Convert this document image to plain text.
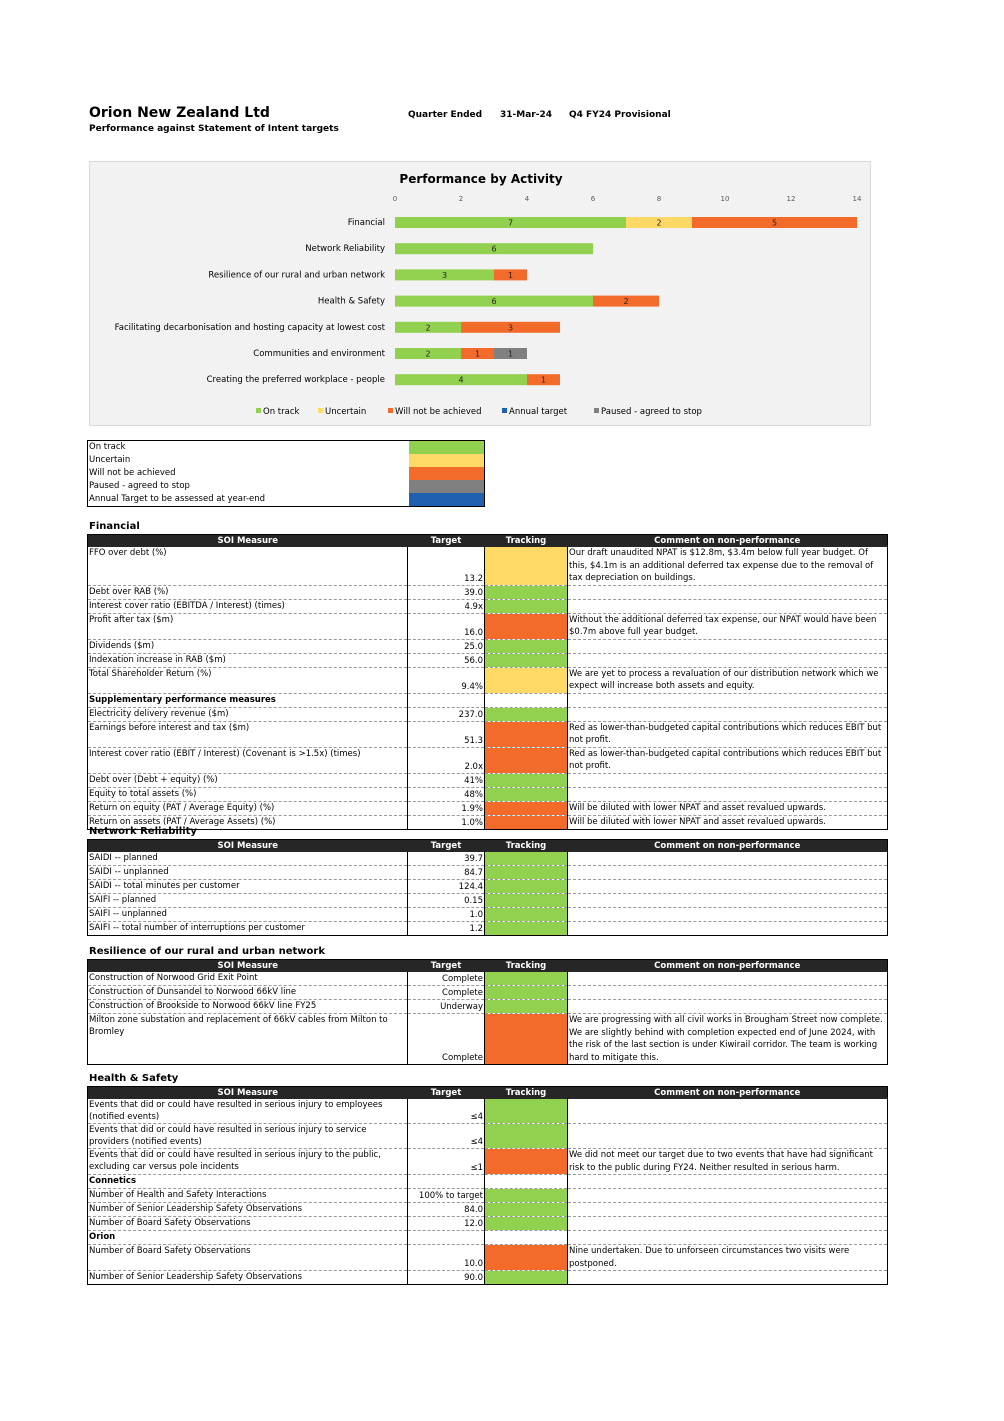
Orion New Zealand Ltd
Performance against Statement of Intent targets
Quarter Ended 31-Mar-24 Q4 FY24 Provisional
Performance by Activity
0	2	4	6	8	10	12	14
Financial	7	2	5
Network Reliability	6
Resilience of our rural and urban network	3	1
Health & Safety	6	2
Facilitating decarbonisation and hosting capacity at lowest cost	2	3
Communities and environment	2	1	1
Creating the preferred workplace - people	4	1
On track	Uncertain	Will not be achieved	Annual target	Paused - agreed to stop
On track
Uncertain
Will not be achieved
Paused - agreed to stop
Annual Target to be assessed at year-end
Financial
SOI Measure	Target	Tracking	Comment on non-performance
FFO over debt (%)	13.2		Our draft unaudited NPAT is $12.8m, $3.4m below full year budget. Of this, $4.1m is an additional deferred tax expense due to the removal of tax depreciation on buildings.
Debt over RAB (%)	39.0		
Interest cover ratio (EBITDA / Interest) (times)	4.9x		
Profit after tax ($m)	16.0		Without the additional deferred tax expense, our NPAT would have been $0.7m above full year budget.
Dividends ($m)	25.0		
Indexation increase in RAB ($m)	56.0		
Total Shareholder Return (%)	9.4%		We are yet to process a revaluation of our distribution network which we expect will increase both assets and equity.
Supplementary performance measures			
Electricity delivery revenue ($m)	237.0		
Earnings before interest and tax ($m)	51.3		Red as lower-than-budgeted capital contributions which reduces EBIT but not profit.
Interest cover ratio (EBIT / Interest) (Covenant is >1.5x) (times)	2.0x		Red as lower-than-budgeted capital contributions which reduces EBIT but not profit.
Debt over (Debt + equity) (%)	41%		
Equity to total assets (%)	48%		
Return on equity (PAT / Average Equity) (%)	1.9%		Will be diluted with lower NPAT and asset revalued upwards.
Return on assets (PAT / Average Assets) (%)	1.0%		Will be diluted with lower NPAT and asset revalued upwards.
Network Reliability
SOI Measure	Target	Tracking	Comment on non-performance
SAIDI -- planned	39.7		
SAIDI -- unplanned	84.7		
SAIDI -- total minutes per customer	124.4		
SAIFI -- planned	0.15		
SAIFI -- unplanned	1.0		
SAIFI -- total number of interruptions per customer	1.2		
Resilience of our rural and urban network
SOI Measure	Target	Tracking	Comment on non-performance
Construction of Norwood Grid Exit Point	Complete		
Construction of Dunsandel to Norwood 66kV line	Complete		
Construction of Brookside to Norwood 66kV line FY25	Underway		
Milton zone substation and replacement of 66kV cables from Milton to Bromley	Complete		We are progressing with all civil works in Brougham Street now complete. We are slightly behind with completion expected end of June 2024, with the risk of the last section is under Kiwirail corridor. The team is working hard to mitigate this.
Health & Safety
SOI Measure	Target	Tracking	Comment on non-performance
Events that did or could have resulted in serious injury to employees (notified events)	≤4		
Events that did or could have resulted in serious injury to service providers (notified events)	≤4		
Events that did or could have resulted in serious injury to the public, excluding car versus pole incidents	≤1		We did not meet our target due to two events that have had significant risk to the public during FY24. Neither resulted in serious harm.
Connetics			
Number of Health and Safety Interactions	100% to target		
Number of Senior Leadership Safety Observations	84.0		
Number of Board Safety Observations	12.0		
Orion			
Number of Board Safety Observations	10.0		Nine undertaken. Due to unforseen circumstances two visits were postponed.
Number of Senior Leadership Safety Observations	90.0		
